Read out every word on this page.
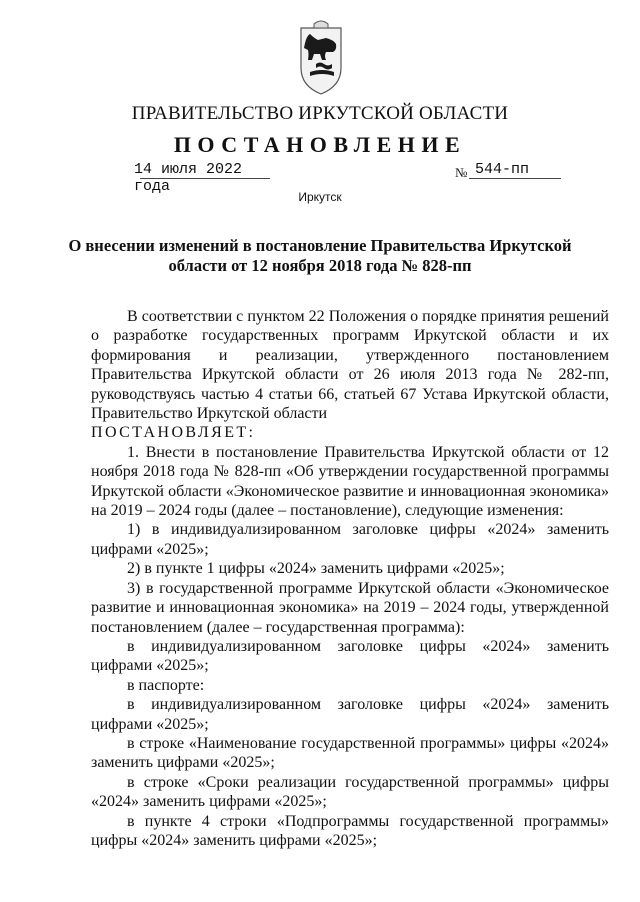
ПРАВИТЕЛЬСТВО ИРКУТСКОЙ ОБЛАСТИ
ПОСТАНОВЛЕНИЕ
14 июля 2022 года
№ 544-пп
Иркутск
О внесении изменений в постановление Правительства Иркутской области от 12 ноября 2018 года № 828-пп

В соответствии с пунктом 22 Положения о порядке принятия решений о разработке государственных программ Иркутской области и их формирования и реализации, утвержденного постановлением Правительства Иркутской области от 26 июля 2013 года № 282-пп, руководствуясь частью 4 статьи 66, статьей 67 Устава Иркутской области, Правительство Иркутской области

ПОСТАНОВЛЯЕТ:

1. Внести в постановление Правительства Иркутской области от 12 ноября 2018 года № 828-пп «Об утверждении государственной программы Иркутской области «Экономическое развитие и инновационная экономика» на 2019 – 2024 годы (далее – постановление), следующие изменения:

1) в индивидуализированном заголовке цифры «2024» заменить цифрами «2025»;

2) в пункте 1 цифры «2024» заменить цифрами «2025»;

3) в государственной программе Иркутской области «Экономическое развитие и инновационная экономика» на 2019 – 2024 годы, утвержденной постановлением (далее – государственная программа):

в индивидуализированном заголовке цифры «2024» заменить цифрами «2025»;

в паспорте:

в индивидуализированном заголовке цифры «2024» заменить цифрами «2025»;

в строке «Наименование государственной программы» цифры «2024» заменить цифрами «2025»;

в строке «Сроки реализации государственной программы» цифры «2024» заменить цифрами «2025»;

в пункте 4 строки «Подпрограммы государственной программы» цифры «2024» заменить цифрами «2025»;
